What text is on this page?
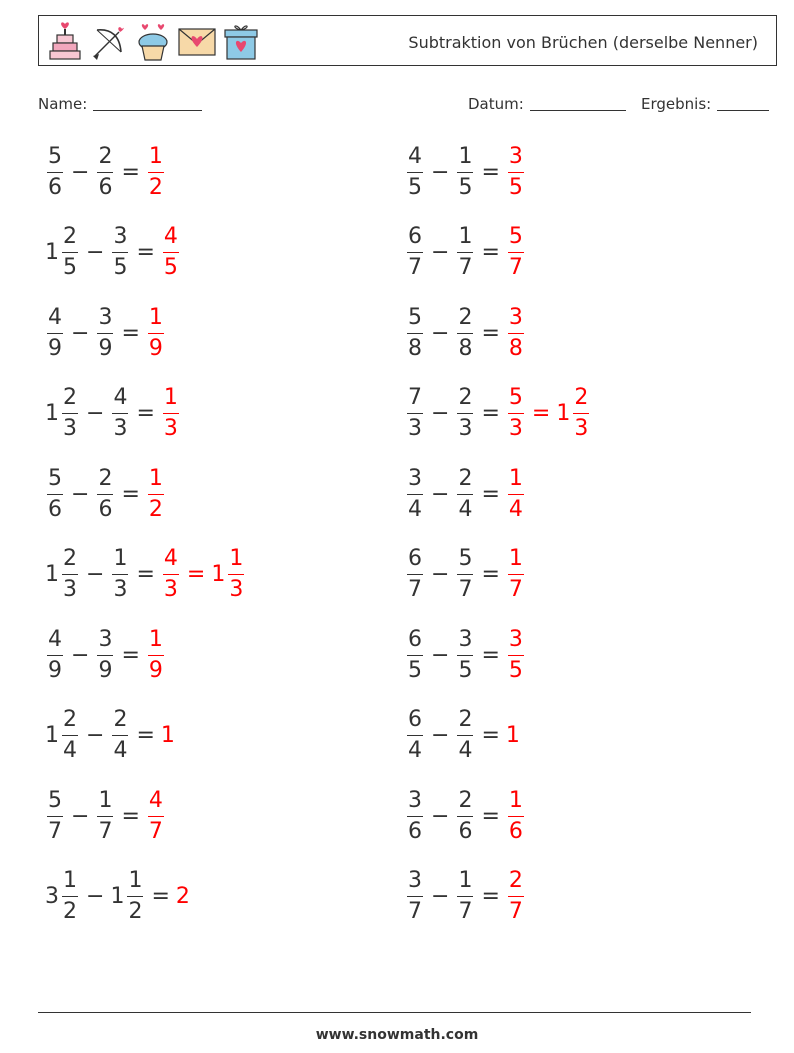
Subtraktion von Brüchen (derselbe Nenner)
Name:	Datum:	Ergebnis:
$\frac{5}{6} - \frac{2}{6} = \frac{1}{2}$	$\frac{4}{5} - \frac{1}{5} = \frac{3}{5}$
$1 \frac{2}{5} - \frac{3}{5} = \frac{4}{5}$	$\frac{6}{7} - \frac{1}{7} = \frac{5}{7}$
$\frac{4}{9} - \frac{3}{9} = \frac{1}{9}$	$\frac{5}{8} - \frac{2}{8} = \frac{3}{8}$
$1 \frac{2}{3} - \frac{4}{3} = \frac{1}{3}$	$\frac{7}{3} - \frac{2}{3} = \frac{5}{3} = 1 \frac{2}{3}$
$\frac{5}{6} - \frac{2}{6} = \frac{1}{2}$	$\frac{3}{4} - \frac{2}{4} = \frac{1}{4}$
$1 \frac{2}{3} - \frac{1}{3} = \frac{4}{3} = 1 \frac{1}{3}$	$\frac{6}{7} - \frac{5}{7} = \frac{1}{7}$
$\frac{4}{9} - \frac{3}{9} = \frac{1}{9}$	$\frac{6}{5} - \frac{3}{5} = \frac{3}{5}$
$1 \frac{2}{4} - \frac{2}{4} = 1$	$\frac{6}{4} - \frac{2}{4} = 1$
$\frac{5}{7} - \frac{1}{7} = \frac{4}{7}$	$\frac{3}{6} - \frac{2}{6} = \frac{1}{6}$
$3 \frac{1}{2} - 1 \frac{1}{2} = 2$	$\frac{3}{7} - \frac{1}{7} = \frac{2}{7}$
www.snowmath.com
